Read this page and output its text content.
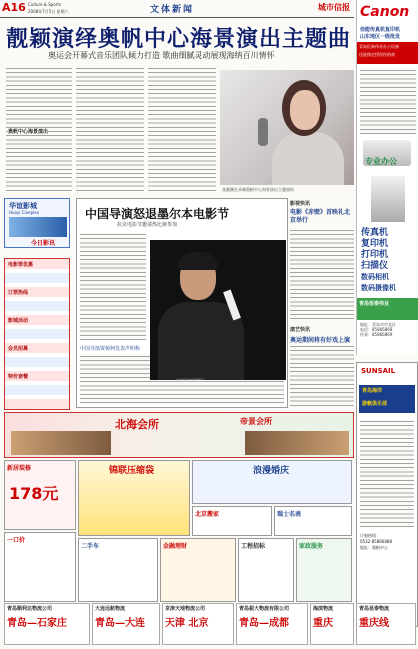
A16 Culture & Sports
2008年7月5日 星期六	文体新闻	城市信报
靓颖演绎奥帆中心海景演出主题曲
奥运会开幕式音乐团队倾力打造 歌曲细腻灵动展现海纳百川情怀
奥帆中心海景演出
张靓颖在录制奥帆中心海景演出主题曲时
华谊影城
Huayi Cineplex
今日影讯
电影票优惠
订票热线
影城活动
会员招募
特价套餐
中国导演怒退墨尔本电影节
抗议电影节邀请热比娅参加
中国导演贾樟柯发表声明称
中国导演贾樟柯
影视快讯
电影《赤壁》首映礼北京举行
演艺快讯
奥运期间将有好戏上演
Canon
佳能传真机复印机
山东地区一级批发
青岛恒泰伟业办公设备
佳能指定授权经销商
专业办公
传真机
复印机
打印机
扫描仪
数码相机
数码摄像机
青岛恒泰伟业
地址：青岛市市北区
电话：85866868
传真：85866869
北海会所	帝景会所
SUNSAIL
青岛海洋
游艇俱乐部
订船热线：
0532-85866888
地址：奥帆中心
新居装修
178元
锦联压缩袋	浪漫婚庆
北京搬家	瑞士名表
一口价
二手车	金融理财	工程招标	家政服务
青岛顺利达物流公司
青岛—石家庄
大连远航物流
青岛—大连
京津天地物流公司
天津 北京
青岛振大物流有限公司
青岛—成都
海滨物流
重庆
青岛昆泰物流
重庆线
